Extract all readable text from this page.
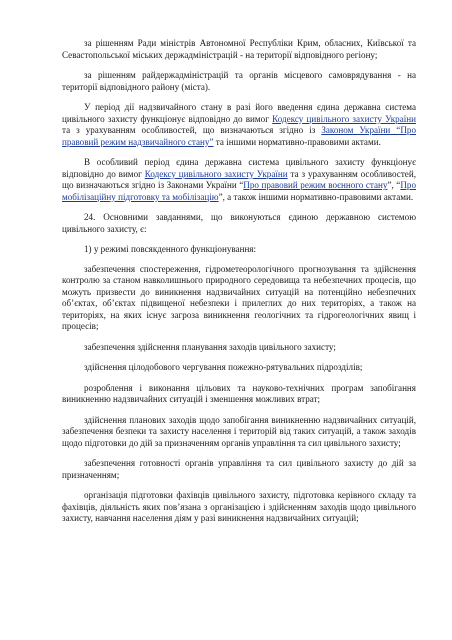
за рішенням Ради міністрів Автономної Республіки Крим, обласних, Київської та Севастопольської міських держадміністрацій - на території відповідного регіону;

за рішенням райдержадміністрацій та органів місцевого самоврядування - на території відповідного району (міста).

У період дії надзвичайного стану в разі його введення єдина державна система цивільного захисту функціонує відповідно до вимог Кодексу цивільного захисту України та з урахуванням особливостей, що визначаються згідно із Законом України “Про правовий режим надзвичайного стану” та іншими нормативно-правовими актами.

В особливий період єдина державна система цивільного захисту функціонує відповідно до вимог Кодексу цивільного захисту України та з урахуванням особливостей, що визначаються згідно із Законами України “Про правовий режим воєнного стану”, “Про мобілізаційну підготовку та мобілізацію”, а також іншими нормативно-правовими актами.

24. Основними завданнями, що виконуються єдиною державною системою цивільного захисту, є:

1) у режимі повсякденного функціонування:

забезпечення спостереження, гідрометеорологічного прогнозування та здійснення контролю за станом навколишнього природного середовища та небезпечних процесів, що можуть призвести до виникнення надзвичайних ситуацій на потенційно небезпечних об’єктах, об’єктах підвищеної небезпеки і прилеглих до них територіях, а також на територіях, на яких існує загроза виникнення геологічних та гідрогеологічних явищ і процесів;

забезпечення здійснення планування заходів цивільного захисту;

здійснення цілодобового чергування пожежно-рятувальних підрозділів;

розроблення і виконання цільових та науково-технічних програм запобігання виникненню надзвичайних ситуацій і зменшення можливих втрат;

здійснення планових заходів щодо запобігання виникненню надзвичайних ситуацій, забезпечення безпеки та захисту населення і територій від таких ситуацій, а також заходів щодо підготовки до дій за призначенням органів управління та сил цивільного захисту;

забезпечення готовності органів управління та сил цивільного захисту до дій за призначенням;

організація підготовки фахівців цивільного захисту, підготовка керівного складу та фахівців, діяльність яких пов’язана з організацією і здійсненням заходів щодо цивільного захисту, навчання населення діям у разі виникнення надзвичайних ситуацій;
